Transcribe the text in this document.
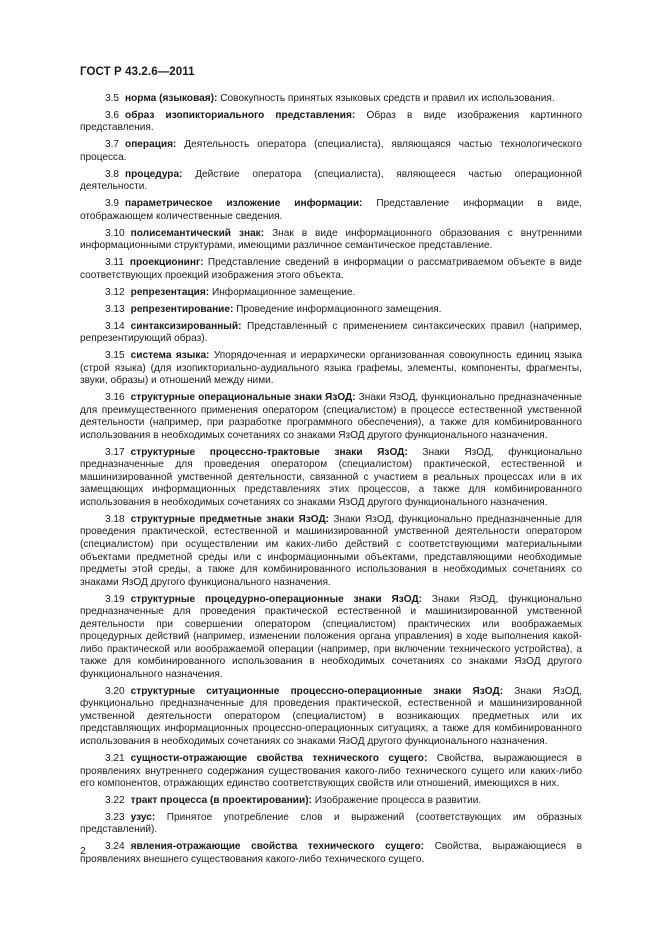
ГОСТ Р 43.2.6—2011

3.5 норма (языковая): Совокупность принятых языковых средств и правил их использования.

3.6 образ изопиктoриального представления: Образ в виде изображения картинного представления.

3.7 операция: Деятельность оператора (специалиста), являющаяся частью технологического процесса.

3.8 процедура: Действие оператора (специалиста), являющееся частью операционной деятельности.

3.9 параметрическое изложение информации: Представление информации в виде, отображающем количественные сведения.

3.10 полисемантический знак: Знак в виде информационного образования с внутренними информационными структурами, имеющими различное семантическое представление.

3.11 проекционинг: Представление сведений в информации о рассматриваемом объекте в виде соответствующих проекций изображения этого объекта.

3.12 репрезентация: Информационное замещение.

3.13 репрезентирование: Проведение информационного замещения.

3.14 синтаксизированный: Представленный с применением синтаксических правил (например, репрезентирующий образ).

3.15 система языка: Упорядоченная и иерархически организованная совокупность единиц языка (строй языка) (для изопиктoриально-аудиального языка графемы, элементы, компоненты, фрагменты, звуки, образы) и отношений между ними.

3.16 структурные операциональные знаки ЯзОД: Знаки ЯзОД, функционально предназначенные для преимущественного применения оператором (специалистом) в процессе естественной умственной деятельности (например, при разработке программного обеспечения), а также для комбинированного использования в необходимых сочетаниях со знаками ЯзОД другого функционального назначения.

3.17 структурные процессно-трактовые знаки ЯзОД: Знаки ЯзОД, функционально предназначенные для проведения оператором (специалистом) практической, естественной и машинизированной умственной деятельности, связанной с участием в реальных процессах или в их замещающих информационных представлениях этих процессов, а также для комбинированного использования в необходимых сочетаниях со знаками ЯзОД другого функционального назначения.

3.18 структурные предметные знаки ЯзОД: Знаки ЯзОД, функционально предназначенные для проведения практической, естественной и машинизированной умственной деятельности оператором (специалистом) при осуществлении им каких-либо действий с соответствующими материальными объектами предметной среды или с информационными объектами, представляющими необходимые предметы этой среды, а также для комбинированного использования в необходимых сочетаниях со знаками ЯзОД другого функционального назначения.

3.19 структурные процедурно-операционные знаки ЯзОД: Знаки ЯзОД, функционально предназначенные для проведения практической естественной и машинизированной умственной деятельности при совершении оператором (специалистом) практических или воображаемых процедурных действий (например, изменении положения органа управления) в ходе выполнения какой-либо практической или воображаемой операции (например, при включении технического устройства), а также для комбинированного использования в необходимых сочетаниях со знаками ЯзОД другого функционального назначения.

3.20 структурные ситуационные процессно-операционные знаки ЯзОД: Знаки ЯзОД, функционально предназначенные для проведения практической, естественной и машинизированной умственной деятельности оператором (специалистом) в возникающих предметных или их представляющих информационных процессно-операционных ситуациях, а также для комбинированного использования в необходимых сочетаниях со знаками ЯзОД другого функционального назначения.

3.21 сущности-отражающие свойства технического сущего: Свойства, выражающиеся в проявлениях внутреннего содержания существования какого-либо технического сущего или каких-либо его компонентов, отражающих единство соответствующих свойств или отношений, имеющихся в них.

3.22 тракт процесса (в проектировании): Изображение процесса в развитии.

3.23 узус: Принятое употребление слов и выражений (соответствующих им образных представлений).

3.24 явления-отражающие свойства технического сущего: Свойства, выражающиеся в проявлениях внешнего существования какого-либо технического сущего.

2
